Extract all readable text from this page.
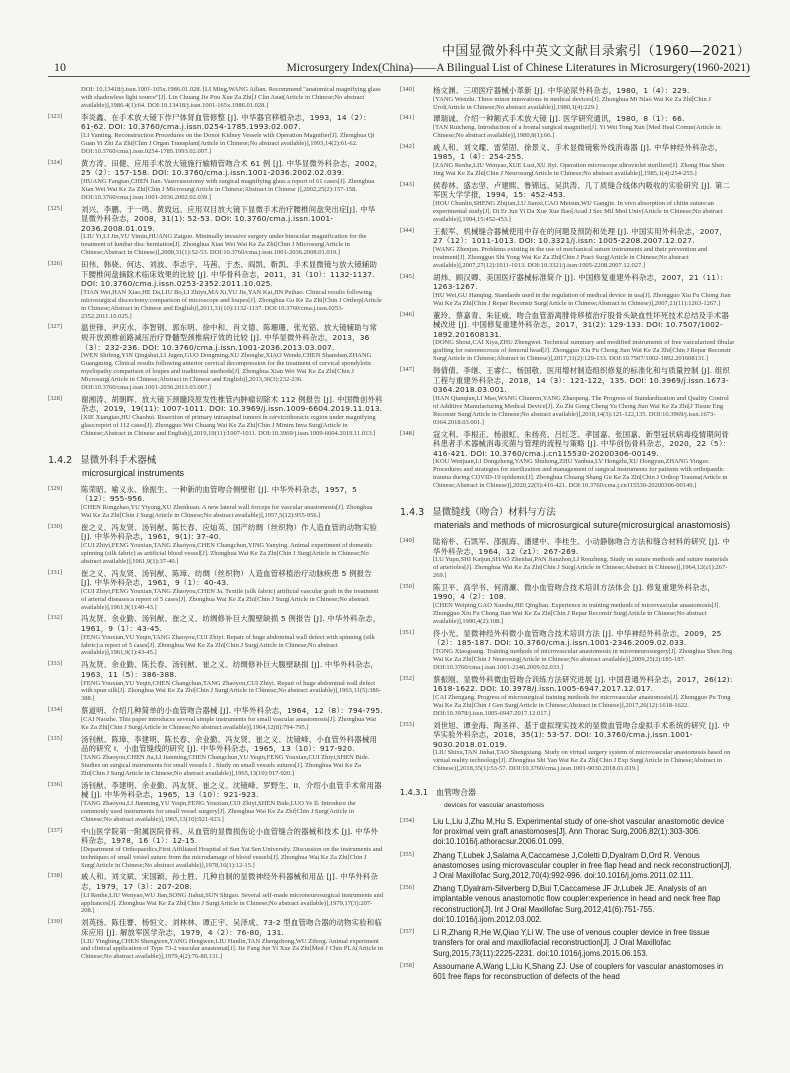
10
中国显微外科中英文文献目录索引（1960—2021）
Microsurgery Index(China)——A Bilingual List of Chinese Literatures in Microsurgery(1960-2021)
DOI: 10.13418/j.issn.1001-165x.1986.01.028. [LI Ming,WANG Ailian. Recommend "anatomical magnifying glass with shadowless light source"[J]. Lin Chuang Jie Pou Xue Za Zhi[J Clin Anat(Article in Chinese;No abstract available)],1986.4(1):64. DOI:10.13418/j.issn.1001-165x.1986.01.028.]
[323]	李炎鑫、在手术放大镜下作尸体肾血管修整 [J]. 中华器官移植杂志，1993，14（2）：61-62. DOI: 10.3760/cma.j.issn.0254-1785.1993.02.007.
[LI Yanting. Reconstruction Procedures on the Donor Kidney Vessels with Operation Magnifier[J]. Zhonghua Qi Guan Yi Zhi Za Zhi[Chin J Organ Transplant(Article in Chinese;No abstract available)],1993,14(2):61-62. DOI:10.3760/cma.j.issn.0254-1785.1993.02.007.]
[324]	黄方涛、田健、应用手术放大镜施行输精管吻合术 61 例 [J]. 中华显微外科杂志，2002，25（2）：157-158. DOI: 10.3760/cma.j.issn.1001-2036.2002.02.039.
[HUANG Fangtao,CHEN Jian. Vasovasostomy with surgical magnifying glass a report of 61 cases[J]. Zhonghua Xian Wei Wai Ke Za Zhi[Chin J Microsurg(Article in Chinese;Abstract in Chinese )],2002,25(2):157-158. DOI:10.3760/cma.j.issn.1001-2036.2002.02.039.]
[325]	刘兴、李鹏、于一鸣、黄致远、应用双目放大镜下显微手术治疗腰椎间盘突出症[J]. 中华显微外科杂志，2008，31(1): 52-53. DOI: 10.3760/cma.j.issn.1001-2036.2008.01.019.
[LIU Yi,LI Jin,YU Yimin,HUANG Zaiguo. Minimally invasive surgery under binocular magnification for the treatment of lumbar disc herniation[J]. Zhonghua Xian Wei Wai Ke Za Zhi[Chin J Microsurg(Article in Chinese;Abstract in Chinese)],2008,31(1):52-53. DOI:10.3760/cma.j.issn.1001-2036.2008.01.019.]
[326]	田伟、韩骁、何达、刘波、李志宇、马茜、于杰、阎凯、靳凯、手术显微镜与放大镜辅助下腰椎间盘摘除术临床效果的比较 [J]. 中华骨科杂志，2011，31（10）：1132-1137. DOI: 10.3760/cma.j.issn.0253-2352.2011.10.025.
[TIAN Wei,HAN Xiao,HE Da,LIU Bo,LI Zhiyu,MA Xi,YU Jie,YAN Kai,JIN Peihao. Clinical results following microsurgical discectomy:comparison of microscope and loupes[J]. Zhonghua Gu Ke Za Zhi[Chin J Orthop(Article in Chinese;Abstract in Chinese and English)],2011,31(10):1132-1137. DOI:10.3760/cma.j.issn.0253-2352.2011.10.025.]
[327]	温世锋、尹庆水、李智钢、郭东明、徐中和、肖文德、陈珊珊、张光铭、放大镜辅助与常规开放颈椎前路减压治疗脊髓型颈椎病疗效的比较 [J]. 中华显微外科杂志，2013，36（3）：232-236. DOI: 10.3760/cma.j.issn.1001-2036.2013.03.007.
[WEN Shifeng,YIN Qingshui,LI Jugen,GUO Dongming,XU Zhonghe,XIAO Wende,CHEN Shanshan,ZHANG Guangming. Clinical results following anterior cervical decompression for the treatment of cervical spondylotic myelopathy comparison of loupes and traditional methods[J]. Zhonghua Xian Wei Wai Ke Za Zhi[Chin J Microsurg(Article in Chinese;Abstract in Chinese and English)],2013,36(3):232-236. DOI:10.3760/cma.j.issn.1001-2036.2013.03.007.]
[328]	谢湘涛、胡朝晖、放大镜下颈髓段原发性椎管内肿瘤切除术 112 例报告 [J]. 中国微创外科杂志，2019，19(11): 1007-1011. DOI: 10.3969/j.issn.1009-6604.2019.11.013.
[XIE Xiangtao,HU Chaohui. Resection of primary intraspinal tumors in cervicothoracic region under magnifying glass:report of 112 cases[J]. Zhongguo Wei Chuang Wai Ke Za Zhi[Chin J Minim Inva Surg(Article in Chinese;Abstract in Chinese and English)],2019,19(11):1007-1011. DOI:10.3969/j.issn.1009-6604.2019.11.013.]
1.4.2 显微外科手术器械
microsurgical instruments
[329]	陈荣昭、喻义永、徐振生、一种新的血管吻合侧壁钳 [J]. 中华外科杂志，1957，5（12）：955-956.
[CHEN Rongzhao,YU Yiyong,XU Zhenkuan. A new lateral wall forceps for vascular anastomosis[J]. Zhonghua Wai Ke Za Zhi[Chin J Surg(Article in Chinese;No abstract available)],1957,5(12):955-956.]
[330]	崔之义、冯友贤、汤钊猷、陈长春、应灿英、国产纺绸（丝织物）作人造血管的动物实验 [J]. 中华外科杂志，1961，9(1): 37-40.
[CUI Zhiyi,FENG Youxian,TANG Zhaoyou,CHEN Changchun,YING Yanying. Animal experiment of domestic spinning (silk fabric) as artificial blood vessel[J]. Zhonghua Wai Ke Za Zhi[Chin J Surg(Article in Chinese;No abstract available)],1961,9(1):37-40.]
[331]	崔之义、冯友贤、汤钊猷、陈璋、纺绸（丝织物）人造血管移植治疗动脉疾患 5 例报告 [J]. 中华外科杂志，1961，9（1）：40-43.
[CUI Zhiyi,FENG Youxian,TANG Zhaoyou,CHEN Ja. Textile (silk fabric) artificial vascular graft in the treatment of arterial diseases:a report of 5 cases[J]. Zhonghua Wai Ke Za Zhi[Chin J Surg(Article in Chinese;No abstract available)],1961,9(1):40-43.]
[332]	冯友贤、余业勤、汤钊猷、崔之义、纺绸修补巨大腹壁缺损 5 例报告 [J]. 中华外科杂志，1961，9（1）：43-45.
[FENG Youxian,YU Yeqin,TANG Zhaoyou,CUI Zhiyi. Repair of huge abdominal wall defect with spinning (silk fabric):a report of 5 cases[J]. Zhonghua Wai Ke Za Zhi[Chin J Surg(Article in Chinese;No abstract available)],1961,9(1):43-45.]
[333]	冯友贤、余业勤、陈长春、汤钊猷、崔之义、纺绸修补巨大腹壁缺损 [J]. 中华外科杂志，1963，11（5）：386-388.
[FENG Youxian,YU Yeqin,CHEN Changchun,TANG Zhaoyou,CUI Zhiyi. Repair of huge abdominal wall defect with spun silk[J]. Zhonghua Wai Ke Za Zhi[Chin J Surg(Article in Chinese;No abstract available)],1963,11(5):386-388.]
[334]	蔡道明、介绍几种简单的小血管吻合器械 [J]. 中华外科杂志，1964，12（8）：794-795.
[CAI Naozhe. This paper introduces several simple instruments for small vascular anastomosis[J]. Zhonghua Wai Ke Za Zhi[Chin J Surg(Article in Chinese;No abstract available)],1964,12(8):794-795.]
[335]	汤钊猷、陈璋、李建明、陈长春、余业勤、冯友贤、崔之义、沈镜峰、小血管外科器械用品的研究 I．小血管缝线的研究 [J]. 中华外科杂志，1965，13（10）：917-920.
[TANG Zhaoyou,CHEN Jia,LI Jianming,CHEN Changchun,YU Yeqin,FENG Youxian,CUI Zhiyi,SHEN Bide. Studies on surgical instruments for small vessels I . Study on small vessels sutures[J]. Zhonghua Wai Ke Za Zhi[Chin J Surg(Article in Chinese;No abstract available)],1965,13(10):917-920.]
[336]	汤钊猷、李建明、余业勤、冯友贤、崔之义、沈镜峰、罗野生、II．介绍小血管手术常用器械 [J]. 中华外科杂志，1965，13（10）：921-923.
[TANG Zhaoyou,LI Jianming,YU Yeqin,FENG Youxian,CUI Zhiyi,SHEN Bide,LUO Ye Il. Introduce the commonly used instruments for small vessel surgery[J]. Zhonghua Wai Ke Za Zhi[Chin J Surg(Article in Chinese;No abstract available)],1965,13(10):921-923.]
[337]	中山医学院第一附属医院骨科、从血管的显微损伤论小血管缝合的器械和技术 [J]. 中华外科杂志，1978，16（1）：12-15.
[Department of Orthopaedics,First Affiliated Hospital of Sun Yat Sen University. Discussion on the instruments and techniques of small vessel suture from the microdamage of blood vessels[J]. Zhonghua Wai Ke Za Zhi[Chin J Surg(Article in Chinese;No abstract available)],1978,16(1):12-15.]
[338]	戚人和、刘文斌、宋国颖、孙士胜、几种自制的显微神经外科器械和用品 [J]. 中华外科杂志，1979，17（3）：207-208.
[LI Renhe,LIU Wenyao,WU Jian,SONG Jiahui,SUN Shigao. Several self-made microneurosurgical instruments and appliances[J]. Zhonghua Wai Ke Za Zhi[Chin J Surg(Article in Chinese;No abstract available)],1979,17(3):207-208.]
[339]	刘英扬、陈佳謇、杨恒文、刘林林、谭正宇、吴泽成、73-2 型血管吻合器的动物实验和临床应用 [J]. 解放军医学杂志，1979，4（2）：76-80，131.
[LIU Yingbing,CHEN Shengwen,YANG Hengwen,LIU Hanlin,TAN Zhengzhong,WU Zifeng. Animal experiment and clinical application of Type 73-2 vascular anastomat[J]. Jie Fang Jun Yi Xue Za Zhi[Med J Chin PLA(Article in Chinese;No abstract available)],1979,4(2):76-80,131.]
[340]	杨文渊、三项医疗器械小革新 [J]. 中华泌尿外科杂志，1980，1（4）：229.
[YANG Wenzhi. Three minor innovations in medical devices[J]. Zhonghua Mi Niao Wai Ke Za Zhi[Chin J Urol(Article in Chinese;No abstract available)],1980,1(4):229.]
[341]	谭瑞诚、介绍一种额式手术放大镜 [J]. 医学研究通讯，1980，8（1）：66.
[TAN Ruicheng. Introduction of a frontal surgical magnifier[J]. Yi Wei Tong Xun [Med Heal Comm(Article in Chinese;No abstract available)],1980,8(1):66.]
[342]	戚人和、刘文耀、雷荣固、徐景义、手术显微镜紫外线消毒器 [J]. 中华神经外科杂志，1985，1（4）：254-255.
[ZANG Renhe,LIU Wenyao,XUE Lusi,XU Jiyi. Operation microscope ultraviolet sterilizer[J]. Zhong Hua Shen Jing Wai Ke Za Zhi[Chin J Neurosurg(Article in Chinese;No abstract available)],1985,1(4):254-255.]
[343]	侯春林、盛志坚、卢建熙、鲁锦远、吴洪涛、几丁质缝合线体内吸收的实验研究 [J]. 第二军医大学学报，1994，15：452-453.
[HOU Chunlin,SHENG Zhijian,LU Jianxi,CAO Meisun,WU Gangjie. In vivo absorption of chitin suture:an experimental study[J]. Di Er Jun Yi Da Xue Xue Bao[Acad J Sec Mil Med Univ(Article in Chinese;No abstract available)],1994,15:452-453.]
[344]	王振军、机械缝合器械使用中存在的问题及预防和处理 [J]. 中国实用外科杂志，2007，27（12）：1011-1013. DOI: 10.3321/j.issn: 1005-2208.2007.12.027.
[WANG Zhenjun. Problems existing in the use of mechanical suture instruments and their prevention and treatment[J]. Zhongguo Shi Yong Wai Ke Za Zhi[Chin J Pract Surg(Article in Chinese;No abstract available)],2007,27(12):1011-1013. DOI:10.3321/j.issn:1005-2208.2007.12.027.]
[345]	胡炜、顾汉卿、美国医疗器械标准简介 [J]. 中国修复重建外科杂志，2007，21（11）：1263-1267.
[HU Wei,GU Hanqing. Standards used in the regulation of medical device in usa[J]. Zhongguo Xiu Fu Chong Jian Wai Ke Za Zhi[Chin J Repar Reconstr Surg(Article in Chinese;Abstract in Chinese)],2007,21(11):1263-1267.]
[346]	董玲、蔡嘉青、朱征威、吻合血管游离腓骨移植治疗股骨头缺血性坏死技术总结及手术器械改进 [J]. 中国修复重建外科杂志，2017，31(2): 129-133. DOI: 10.7507/1002-1892.201608131.
[DONG Shoui,CAI Xiya,ZHU Zhengwei. Technical summary and modified instruments of free vascularized fibular grafting for osteonecrosis of femoral head[J]. Zhongguo Xiu Fu Chong Jian Wai Ke Za Zhi[Chin J Repar Reconstr Surg(Article in Chinese;Abstract in Chinese)],2017,31(2):129-133. DOI:10.7507/1002-1892.201608131.]
[347]	韩倩倩、李继、王睿仁、杨国敬、医用增材制造组织修复的标准化和与质量控制 [J]. 组织工程与重建外科杂志，2018，14（3）：121-122，135. DOI: 10.3969/j.issn.1673-0364.2018.03.001.
[HAN Qianqian,LI Mao,WANG Chunren,YANG Zhaopeng. The Progress of Standardization and Quality Control of Additive Manufacturing Medical Device[J]. Zu Zhi Gong Cheng Yu Chong Jian Wai Ke Za Zhi[J Tissue Eng Reconstr Surg(Article in Chinese;No abstract available)],2018,14(3):121-122,135. DOI:10.3969/j.issn.1673-0364.2018.03.001.]
[348]	寇文利、李根正、杨淑虹、朱扬亮、吕红芝、孝国嘉、张国嘉、新型冠状病毒疫情期间骨科患者手术器械消毒灭菌与管理的流程与策略 [J]. 中华创伤骨科杂志，2020，22（5）：416-421. DOI: 10.3760/cma.j.cn115530-20200306-00149.
[KOU Wenjuan,LI Dongzheng,YANG Shuhong,ZHU Yanhua,LV Hongzhi,XU Hongyun,ZHANG Yingze. Procedures and strategies for sterilization and management of surgical instruments for patients with orthopaedic trauma during COVID-19 epidemic[J]. Zhonghua Chuang Shang Gu Ke Za Zhi[Chin J Orthop Trauma(Article in Chinese;Abstract in Chinese)],2020,22(5):416-421. DOI:10.3760/cma.j.cn115530-20200306-00149.]
1.4.3 显微缝线（吻合）材料与方法
materials and methods of microsurgical suture(microsurgical anastomosis)
[349]	陆裕朴、石凯军、邵振海、潘建中、李桂生、小动静脉吻合方法和缝合材料的研究 [J]. 中华外科杂志，1964，12（z1）：267-269.
[LU Yupu,SHI Kaijun,SHAO Zhenhai,PAN Jianzhon,LI Renzheng. Study on suture methods and suture materials of arterioles[J]. Zhonghua Wai Ke Za Zhi[Chin J Surg(Article in Chinese;Abstract in Chinese)],1964,12(z1):267-269.]
[350]	陈卫平、高学书、何清濂、微小血管吻合技术培训方法体会 [J]. 修复重建外科杂志，1990，4（2）：108.
[CHEN Weiping,GAO Xueshu,HE Qinglian. Experience in training methods of microvascular anastomosis[J]. Zhongguo Xiu Fu Chong Jian Wai Ke Za Zhi[Chin J Repar Reconstr Surg(Article in Chinese;No abstract available)],1990,4(2):108.]
[351]	佟小光、显微神经外科微小血管吻合技术培训方法 [J]. 中华神经外科杂志，2009，25（2）：185-187. DOI: 10.3760/cma.j.issn.1001-2346.2009.02.033.
[TONG Xiaoguang. Training methods of microvascular anastomosis in microneurosurgery[J]. Zhonghua Shen Jing Wai Ke Za Zhi[Chin J Neurosurg(Article in Chinese;No abstract available)],2009,25(2):185-187. DOI:10.3760/cma.j.issn.1001-2346.2009.02.033.]
[352]	蔡振刚、显微外科微血管吻合训练方法研究进展 [J]. 中国普通外科杂志，2017，26(12): 1618-1622. DOI: 10.3978/j.issn.1005-6947.2017.12.017.
[CAI Zhengang. Progress of microsurgical training methods for microvascular anastomosis[J]. Zhongguo Pu Tong Wai Ke Za Zhi[Chin J Gen Surg(Article in Chinese;Abstract in Chinese)],2017,26(12):1618-1622. DOI:10.3978/j.issn.1005-6947.2017.12.017.]
[353]	刘世旭、谭金海、陶圣祥、基于虚拟现实技术的显微血管吻合虚拟手术系统的研究 [J]. 中华实验外科杂志，2018，35(1): 53-57. DOI: 10.3760/cma.j.issn.1001-9030.2018.01.019.
[LIU Shixu,TAN Jinhai,TAO Shengxiang. Study on virtual surgery system of microvascular anastomosis based on virtual reality technology[J]. Zhonghua Shi Yan Wai Ke Za Zhi[Chin J Exp Surg(Article in Chinese;Abstract in Chinese)],2018,35(1):53-57. DOI:10.3760/cma.j.issn.1001-9030.2018.01.019.]
1.4.3.1 血管吻合器
devices for vascular anastomosis
[354] Liu L,Liu J,Zhu M,Hu S. Experimental study of one-shot vascular anastomotic device for proximal vein graft anastomoses[J]. Ann Thorac Surg,2006,82(1):303-306. doi:10.1016/j.athoracsur.2006.01.099.
[355] Zhang T,Lubek J,Salama A,Caccamese J,Coletti D,Dyalram D,Ord R. Venous anastomoses using microvascular coupler in free flap head and neck reconstruction[J]. J Oral Maxillofac Surg,2012,70(4):992-996. doi:10.1016/j.joms.2011.02.111.
[356] Zhang T,Dyalram-Silverberg D,Bui T,Caccamese JF Jr,Lubek JE. Analysis of an implantable venous anastomotic flow coupler:experience in head and neck free flap reconstruction[J]. Int J Oral Maxillofac Surg,2012,41(6):751-755. doi:10.1016/j.ijom.2012.03.002.
[357] Li R,Zhang R,He W,Qiao Y,Li W. The use of venous coupler device in free tissue transfers for oral and maxillofacial reconstruction[J]. J Oral Maxillofac Surg,2015,73(11):2225-2231. doi:10.1016/j.joms.2015.06.153.
[358] Assoumane A,Wang L,Liu K,Shang ZJ. Use of couplers for vascular anastomoses in 601 free flaps for reconstruction of defects of the head
